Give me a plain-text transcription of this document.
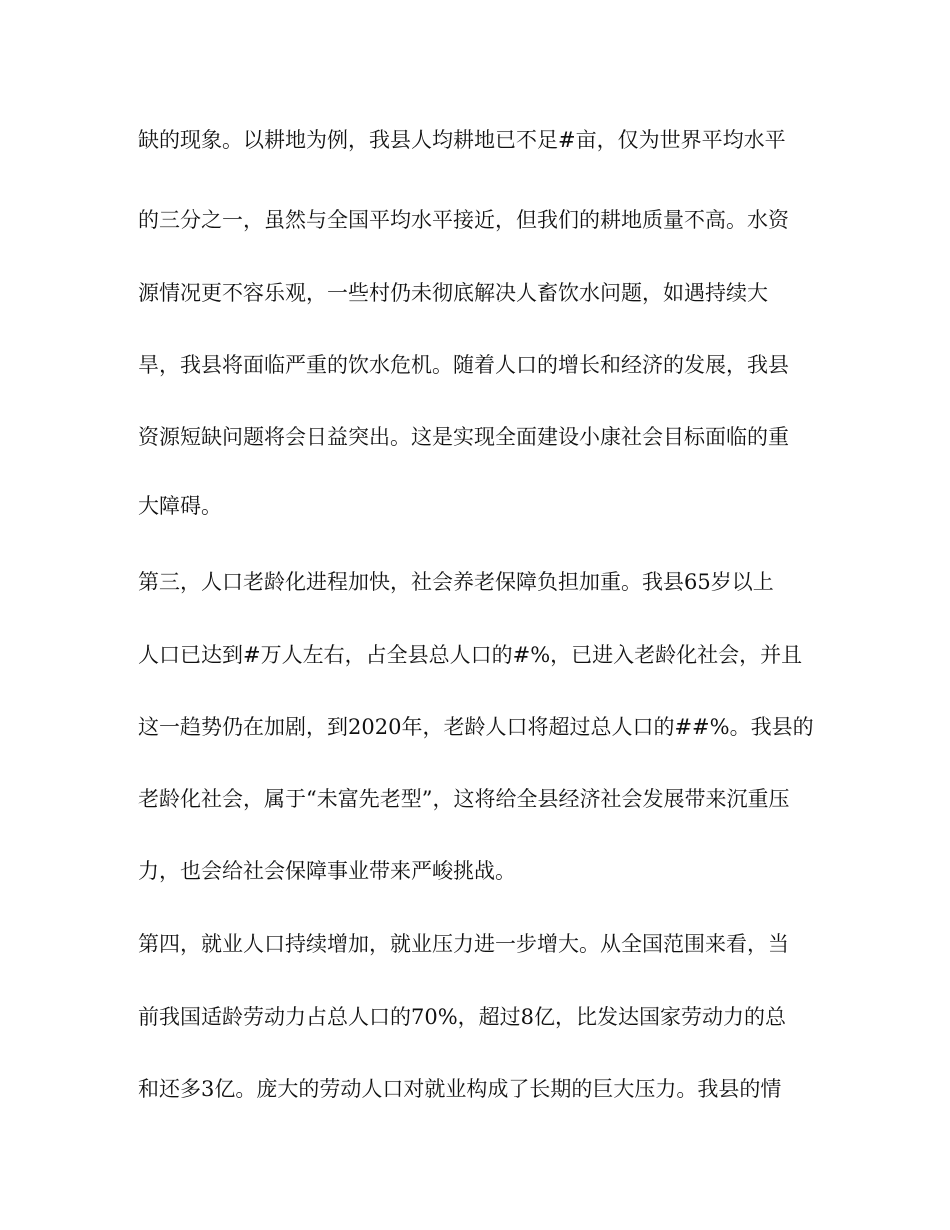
缺的现象。以耕地为例，我县人均耕地已不足#亩，仅为世界平均水平
的三分之一，虽然与全国平均水平接近，但我们的耕地质量不高。水资
源情况更不容乐观，一些村仍未彻底解决人畜饮水问题，如遇持续大
旱，我县将面临严重的饮水危机。随着人口的增长和经济的发展，我县
资源短缺问题将会日益突出。这是实现全面建设小康社会目标面临的重
大障碍。
第三，人口老龄化进程加快，社会养老保障负担加重。我县65岁以上
人口已达到#万人左右，占全县总人口的#%，已进入老龄化社会，并且
这一趋势仍在加剧，到2020年，老龄人口将超过总人口的##%。我县的
老龄化社会，属于“未富先老型”，这将给全县经济社会发展带来沉重压
力，也会给社会保障事业带来严峻挑战。
第四，就业人口持续增加，就业压力进一步增大。从全国范围来看，当
前我国适龄劳动力占总人口的70%，超过8亿，比发达国家劳动力的总
和还多3亿。庞大的劳动人口对就业构成了长期的巨大压力。我县的情
